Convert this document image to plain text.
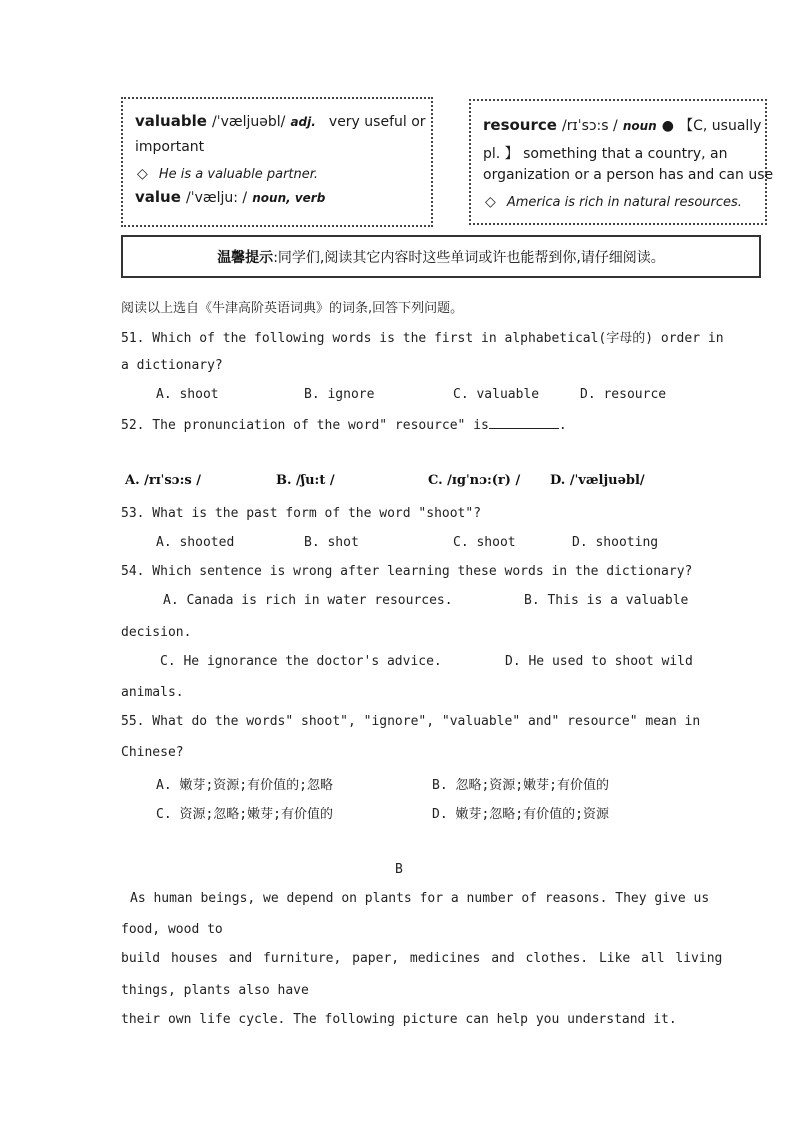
valuable /ˈvæljuəbl/ adj. very useful or
important
◇ He is a valuable partner.
value /ˈvælju: / noun, verb
resource /rɪˈsɔ:s / noun ● 【C, usually
pl. 】 something that a country, an
organization or a person has and can use
◇ America is rich in natural resources.
温馨提示 :同学们,阅读其它内容时这些单词或许也能帮到你,请仔细阅读。
阅读以上选自《牛津高阶英语词典》的词条,回答下列问题。
51. Which of the following words is the first in alphabetical(字母的) order in
a dictionary?
A. shoot	B. ignore	C. valuable	D. resource
52. The pronunciation of the word" resource" is	.
A. /rɪˈsɔ:s /	B. /ʃu:t /	C. /ɪgˈnɔ:(r) / D. /ˈvæljuəbl/
53. What is the past form of the word "shoot"?
A. shooted	B. shot	C. shoot	D. shooting
54. Which sentence is wrong after learning these words in the dictionary?
A. Canada is rich in water resources.	B. This is a valuable
decision.
C. He ignorance the doctor's advice.	D. He used to shoot wild
animals.
55. What do the words" shoot", "ignore", "valuable" and" resource" mean in
Chinese?
A. 嫩芽;资源;有价值的;忽略	B. 忽略;资源;嫩芽;有价值的
C. 资源;忽略;嫩芽;有价值的	D. 嫩芽;忽略;有价值的;资源
B
As human beings, we depend on plants for a number of reasons. They give us
food, wood to
build houses and furniture, paper, medicines and clothes. Like all living
things, plants also have
their own life cycle. The following picture can help you understand it.
